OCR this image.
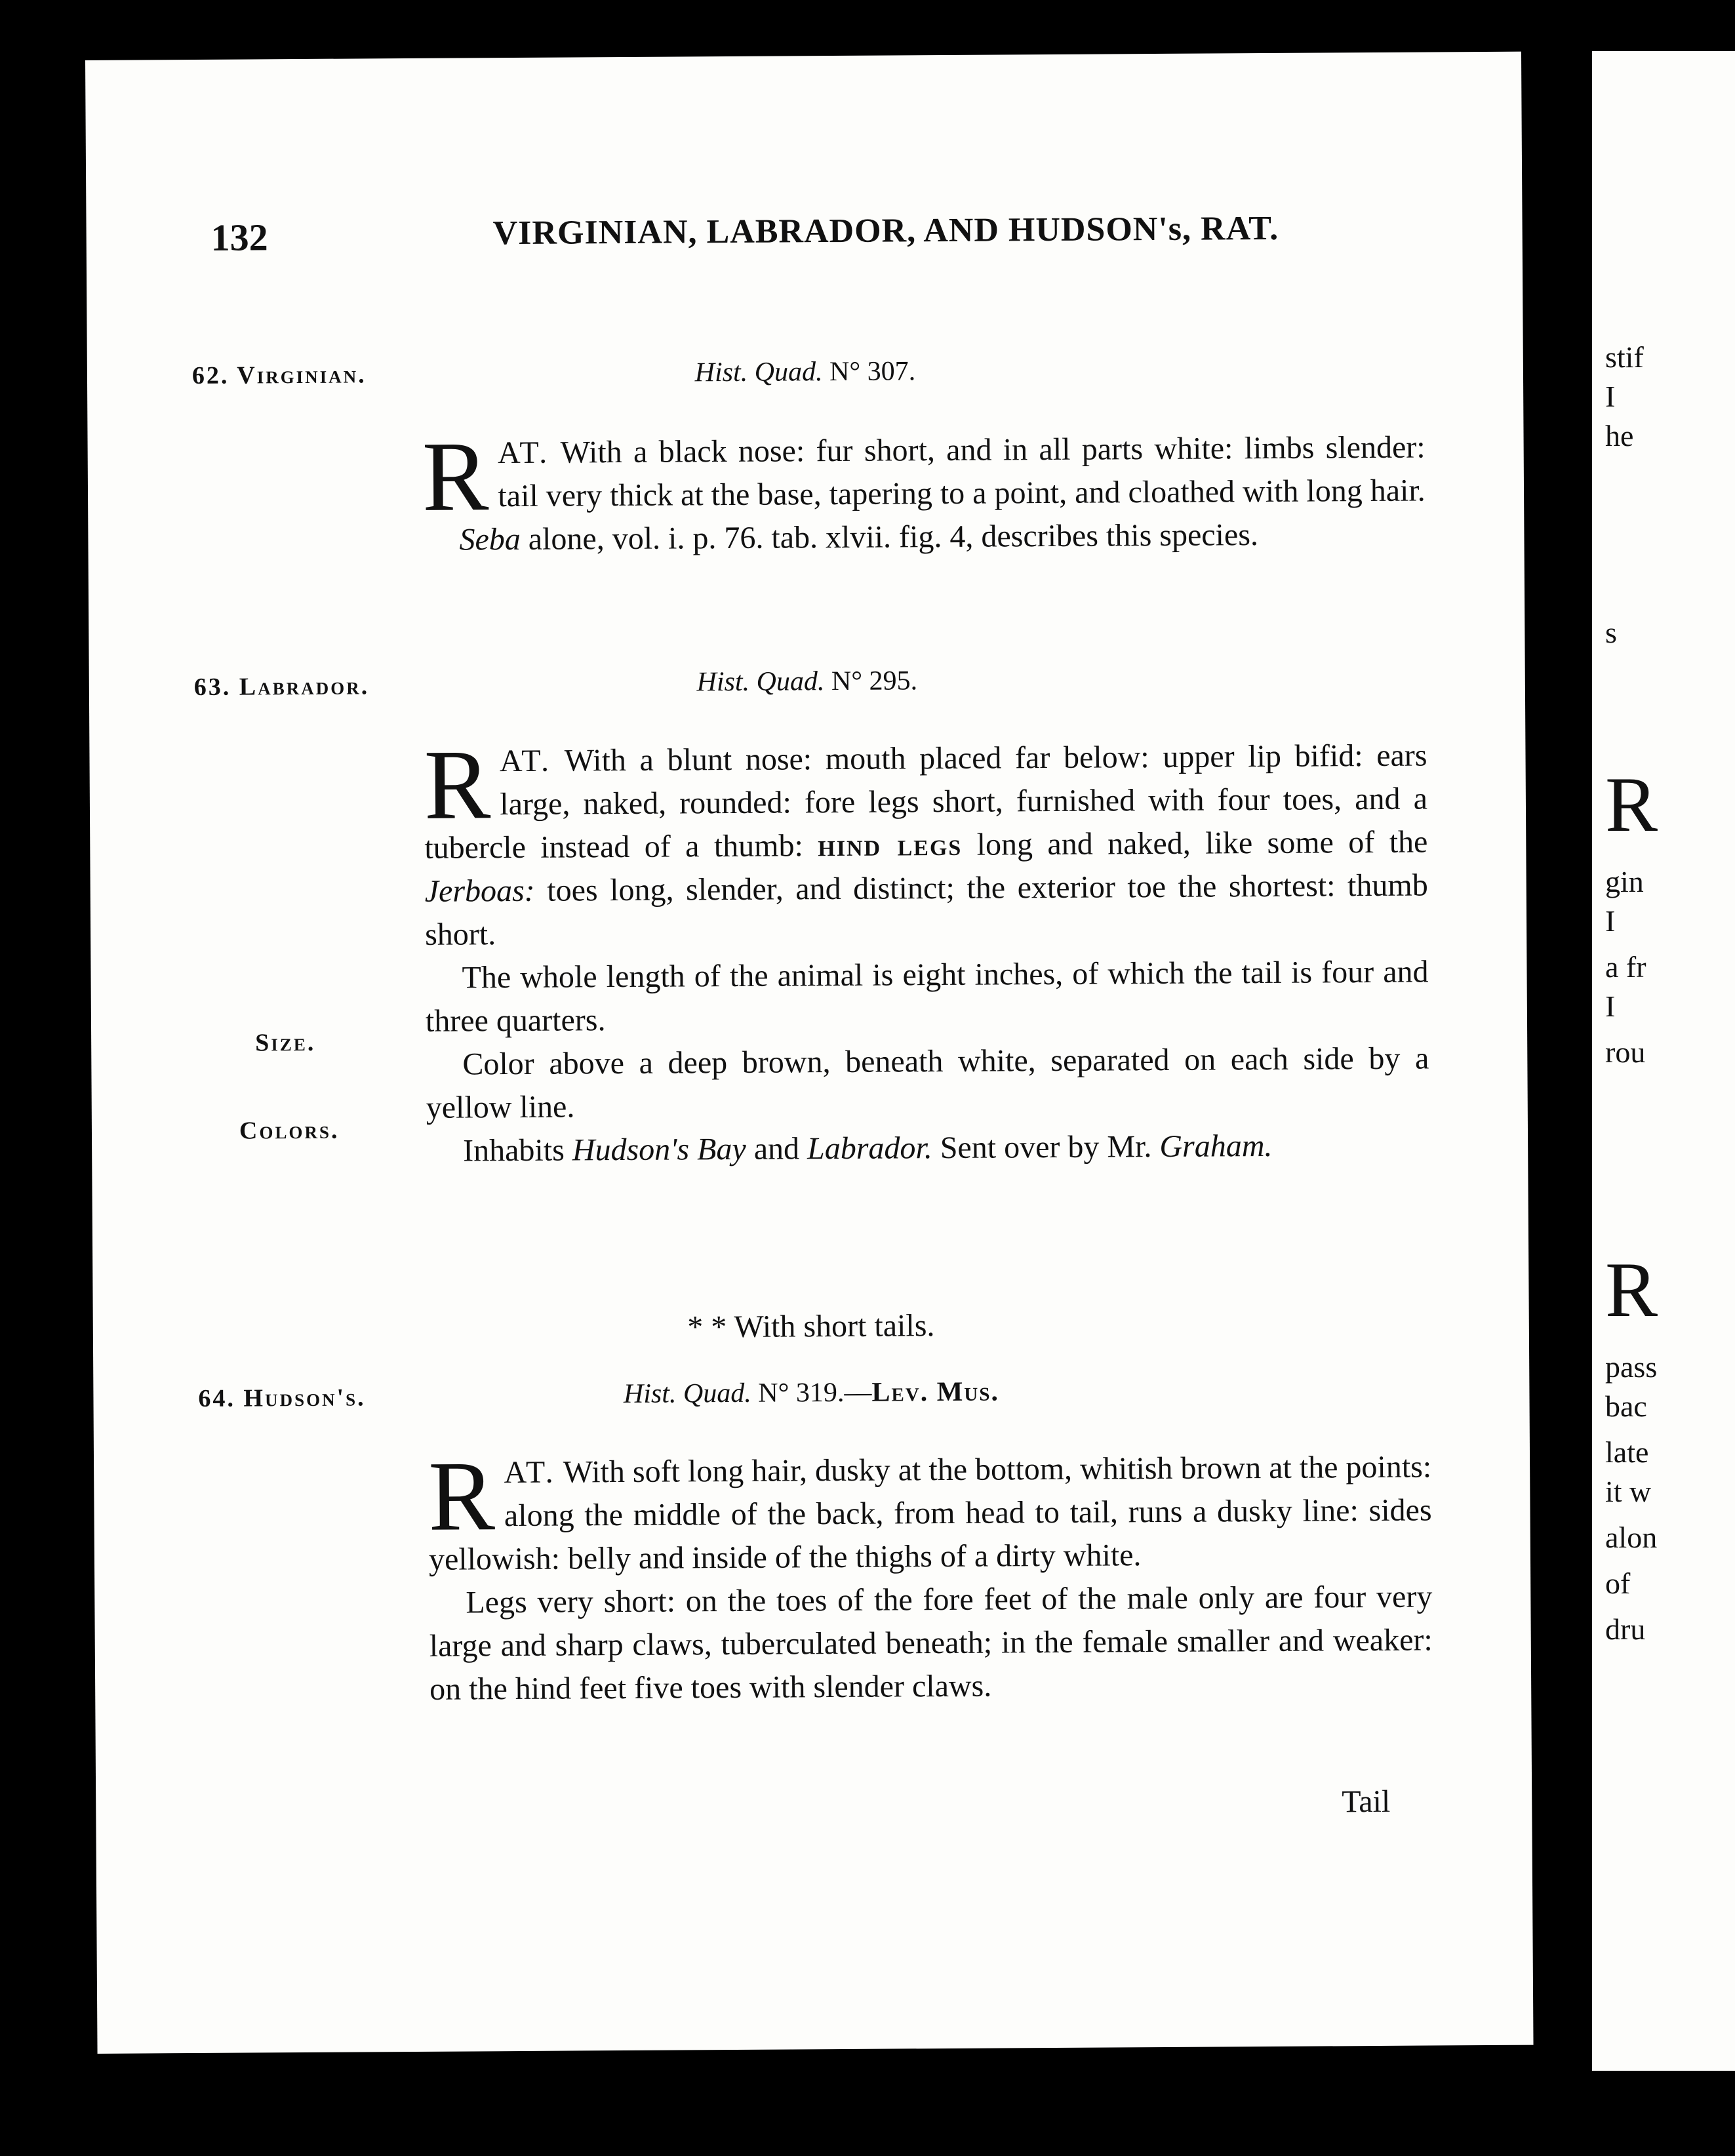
stif
I
he
s
R
gin
I
a fr
I
rou
R
pass
bac
late
it w
alon
of
dru
132	VIRGINIAN, LABRADOR, AND HUDSON's, RAT.
62. Virginian.	Hist. Quad. N° 307.

RAT. With a black nose: fur short, and in all parts white: limbs slender: tail very thick at the base, tapering to a point, and cloathed with long hair.

Seba alone, vol. i. p. 76. tab. xlvii. fig. 4, describes this species.

63. Labrador.	Hist. Quad. N° 295.

RAT. With a blunt nose: mouth placed far below: upper lip bifid: ears large, naked, rounded: fore legs short, furnished with four toes, and a tubercle instead of a thumb: hind legs long and naked, like some of the Jerboas: toes long, slender, and distinct; the exterior toe the shortest: thumb short.

The whole length of the animal is eight inches, of which the tail is four and three quarters.

Color above a deep brown, beneath white, separated on each side by a yellow line.

Inhabits Hudson's Bay and Labrador. Sent over by Mr. Graham.

Size.
Colors.
* * With short tails.
64. Hudson's.	Hist. Quad. N° 319.—Lev. Mus.

RAT. With soft long hair, dusky at the bottom, whitish brown at the points: along the middle of the back, from head to tail, runs a dusky line: sides yellowish: belly and inside of the thighs of a dirty white.

Legs very short: on the toes of the fore feet of the male only are four very large and sharp claws, tuberculated beneath; in the female smaller and weaker: on the hind feet five toes with slender claws.

Tail
